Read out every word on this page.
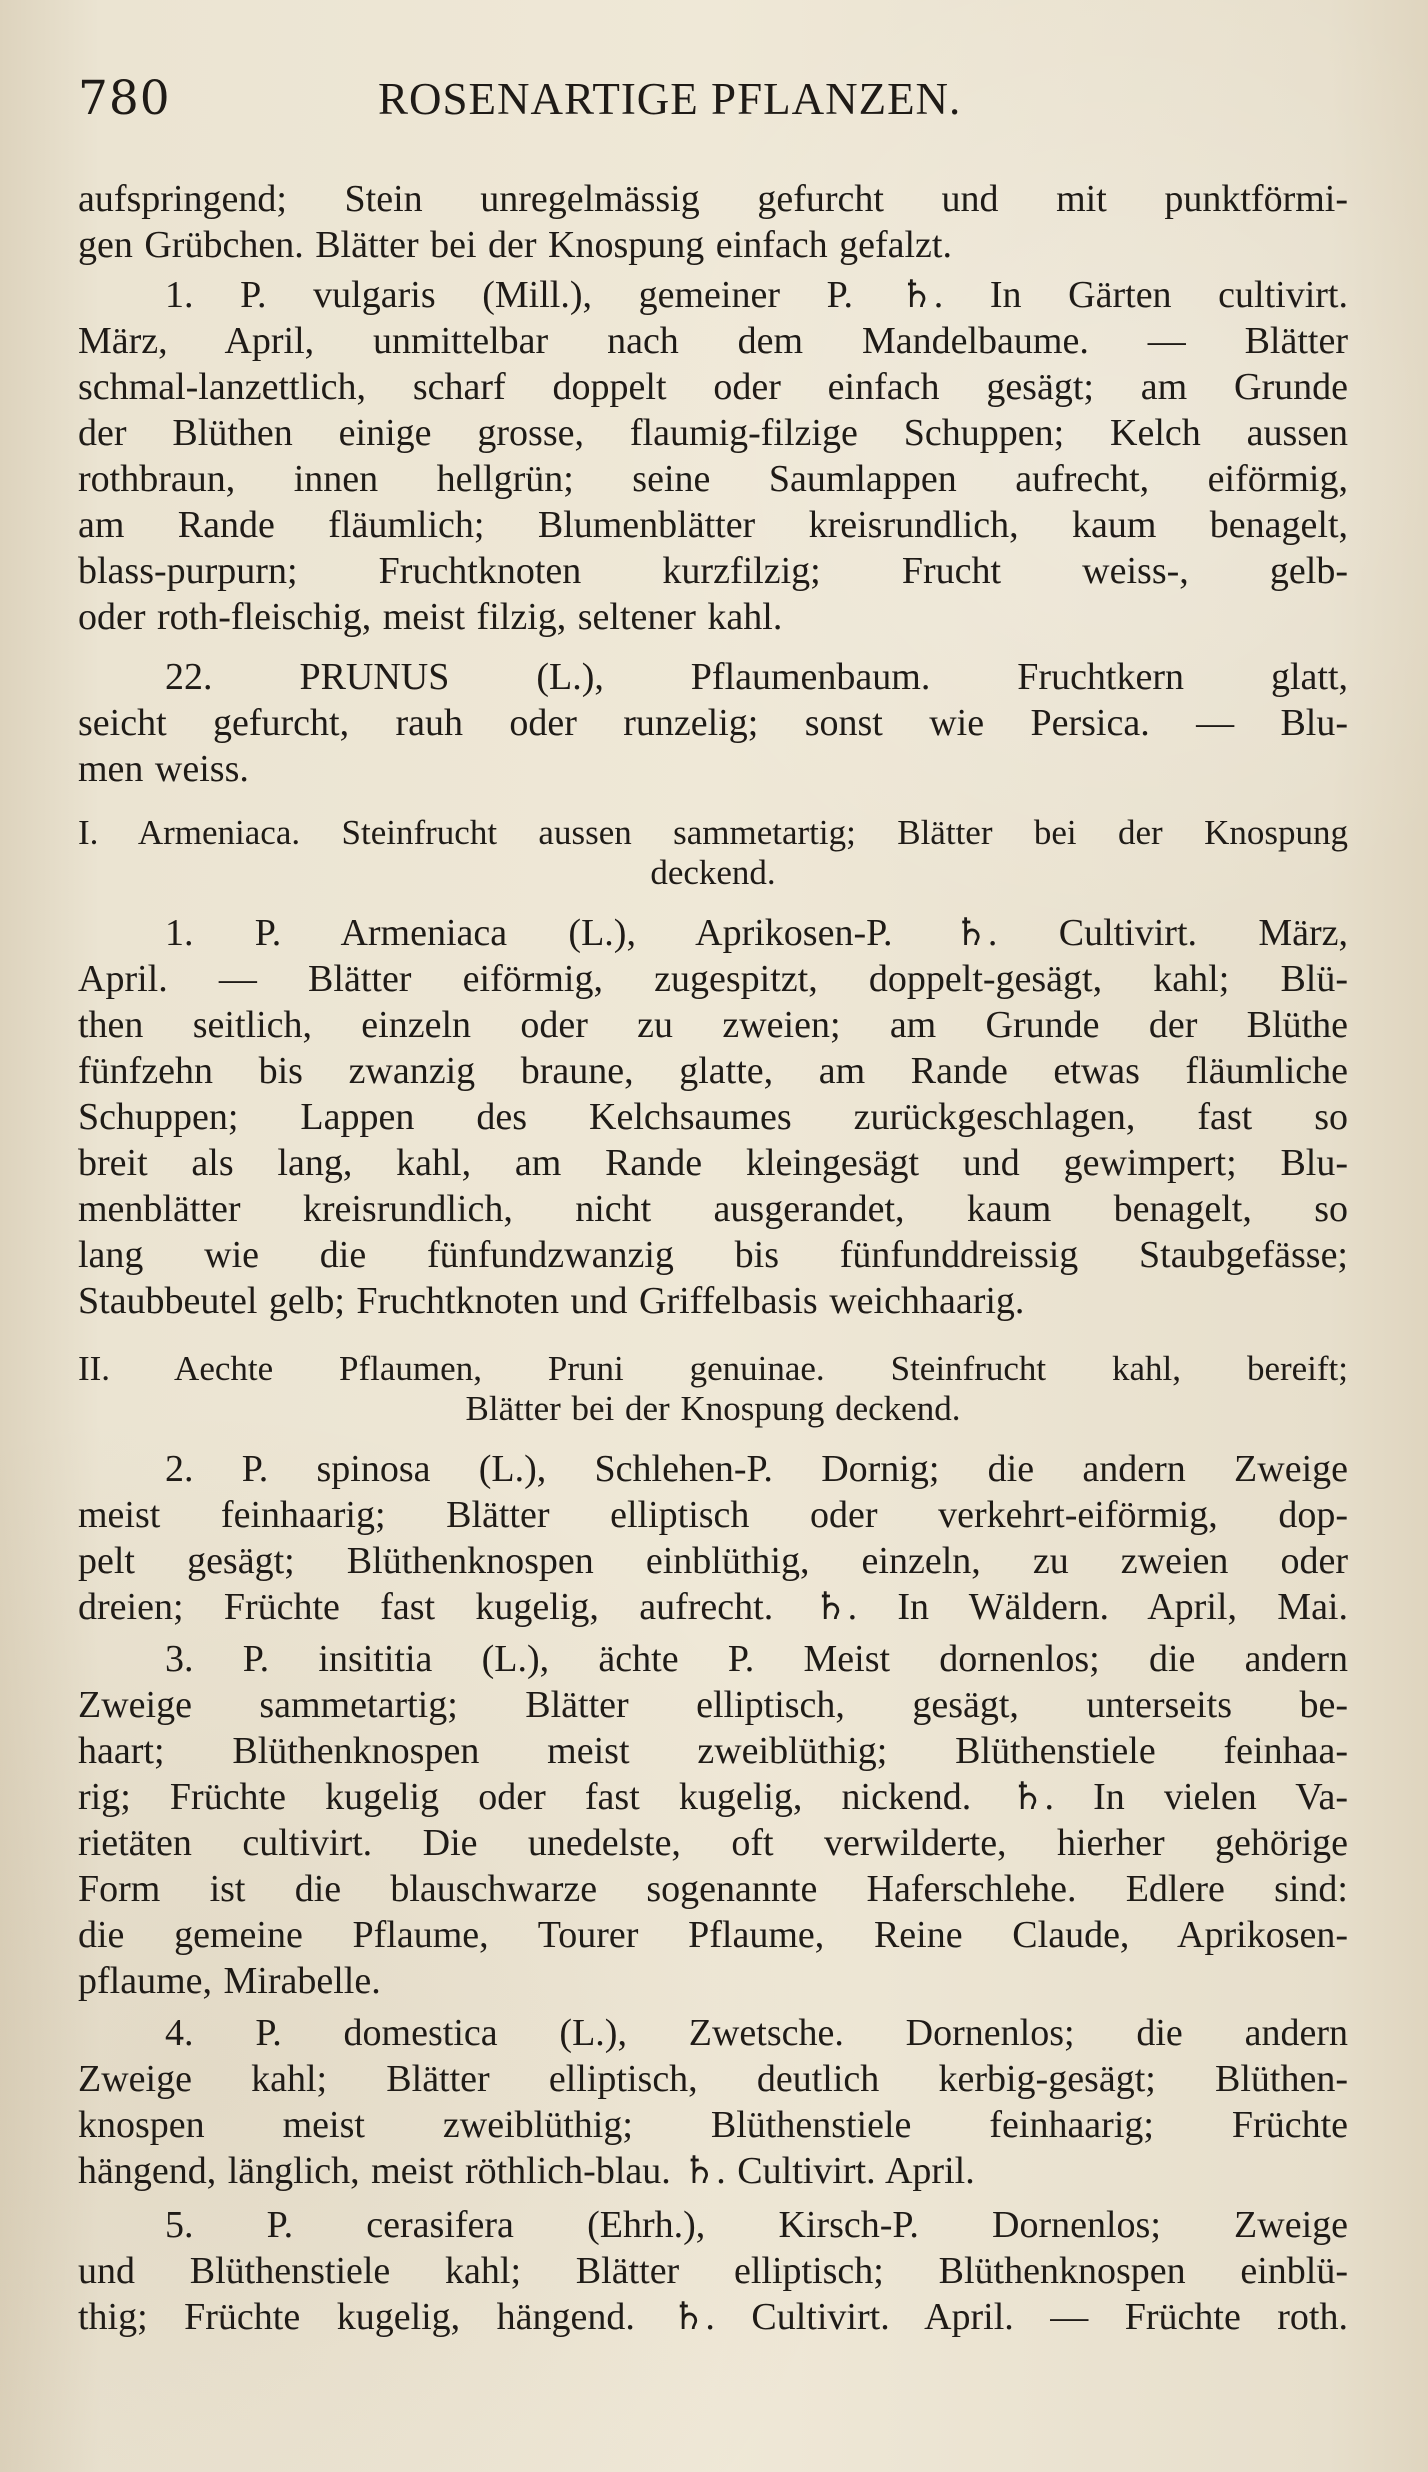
780	ROSENARTIGE PFLANZEN.
aufspringend; Stein unregelmässig gefurcht und mit punktförmi-
gen Grübchen. Blätter bei der Knospung einfach gefalzt.
1. P. vulgaris (Mill.), gemeiner P. ♄. In Gärten cultivirt.
März, April, unmittelbar nach dem Mandelbaume. — Blätter
schmal-lanzettlich, scharf doppelt oder einfach gesägt; am Grunde
der Blüthen einige grosse, flaumig-filzige Schuppen; Kelch aussen
rothbraun, innen hellgrün; seine Saumlappen aufrecht, eiförmig,
am Rande fläumlich; Blumenblätter kreisrundlich, kaum benagelt,
blass-purpurn; Fruchtknoten kurzfilzig; Frucht weiss-, gelb-
oder roth-fleischig, meist filzig, seltener kahl.
22. PRUNUS (L.), Pflaumenbaum. Fruchtkern glatt,
seicht gefurcht, rauh oder runzelig; sonst wie Persica. — Blu-
men weiss.
I. Armeniaca. Steinfrucht aussen sammetartig; Blätter bei der Knospung
deckend.
1. P. Armeniaca (L.), Aprikosen-P. ♄. Cultivirt. März,
April. — Blätter eiförmig, zugespitzt, doppelt-gesägt, kahl; Blü-
then seitlich, einzeln oder zu zweien; am Grunde der Blüthe
fünfzehn bis zwanzig braune, glatte, am Rande etwas fläumliche
Schuppen; Lappen des Kelchsaumes zurückgeschlagen, fast so
breit als lang, kahl, am Rande kleingesägt und gewimpert; Blu-
menblätter kreisrundlich, nicht ausgerandet, kaum benagelt, so
lang wie die fünfundzwanzig bis fünfunddreissig Staubgefässe;
Staubbeutel gelb; Fruchtknoten und Griffelbasis weichhaarig.
II. Aechte Pflaumen, Pruni genuinae. Steinfrucht kahl, bereift;
Blätter bei der Knospung deckend.
2. P. spinosa (L.), Schlehen-P. Dornig; die andern Zweige
meist feinhaarig; Blätter elliptisch oder verkehrt-eiförmig, dop-
pelt gesägt; Blüthenknospen einblüthig, einzeln, zu zweien oder
dreien; Früchte fast kugelig, aufrecht. ♄. In Wäldern. April, Mai.
3. P. insititia (L.), ächte P. Meist dornenlos; die andern
Zweige sammetartig; Blätter elliptisch, gesägt, unterseits be-
haart; Blüthenknospen meist zweiblüthig; Blüthenstiele feinhaa-
rig; Früchte kugelig oder fast kugelig, nickend. ♄. In vielen Va-
rietäten cultivirt. Die unedelste, oft verwilderte, hierher gehörige
Form ist die blauschwarze sogenannte Haferschlehe. Edlere sind:
die gemeine Pflaume, Tourer Pflaume, Reine Claude, Aprikosen-
pflaume, Mirabelle.
4. P. domestica (L.), Zwetsche. Dornenlos; die andern
Zweige kahl; Blätter elliptisch, deutlich kerbig-gesägt; Blüthen-
knospen meist zweiblüthig; Blüthenstiele feinhaarig; Früchte
hängend, länglich, meist röthlich-blau. ♄. Cultivirt. April.
5. P. cerasifera (Ehrh.), Kirsch-P. Dornenlos; Zweige
und Blüthenstiele kahl; Blätter elliptisch; Blüthenknospen einblü-
thig; Früchte kugelig, hängend. ♄. Cultivirt. April. — Früchte roth.
